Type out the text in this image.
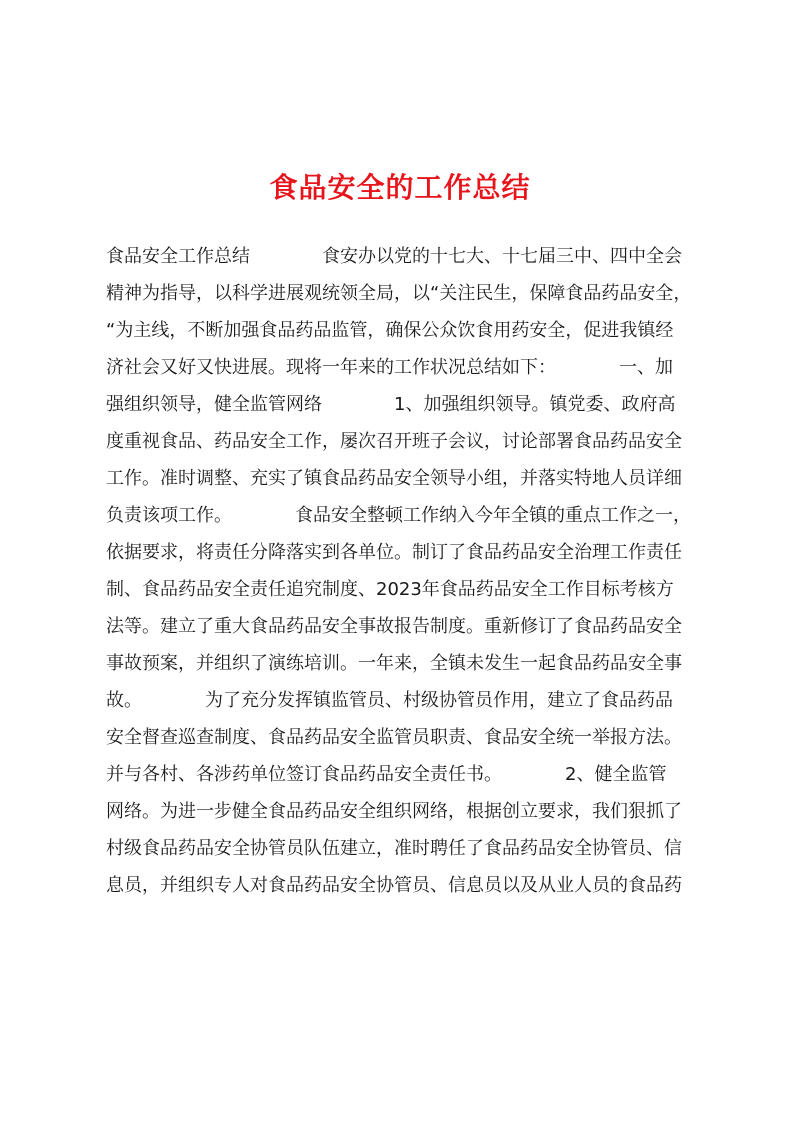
食品安全的工作总结

食品安全工作总结　　　　食安办以党的十七大、十七届三中、四中全会

精神为指导，以科学进展观统领全局，以“关注民生，保障食品药品安全，

“为主线，不断加强食品药品监管，确保公众饮食用药安全，促进我镇经

济社会又好又快进展。现将一年来的工作状况总结如下：　　　　一、加

强组织领导，健全监管网络　　　　1、加强组织领导。镇党委、政府高

度重视食品、药品安全工作，屡次召开班子会议，讨论部署食品药品安全

工作。准时调整、充实了镇食品药品安全领导小组，并落实特地人员详细

负责该项工作。　　　　食品安全整顿工作纳入今年全镇的重点工作之一，

依据要求，将责任分降落实到各单位。制订了食品药品安全治理工作责任

制、食品药品安全责任追究制度、2023年食品药品安全工作目标考核方

法等。建立了重大食品药品安全事故报告制度。重新修订了食品药品安全

事故预案，并组织了演练培训。一年来，全镇未发生一起食品药品安全事

故。　　　　为了充分发挥镇监管员、村级协管员作用，建立了食品药品

安全督查巡查制度、食品药品安全监管员职责、食品安全统一举报方法。

并与各村、各涉药单位签订食品药品安全责任书。　　　　2、健全监管

网络。为进一步健全食品药品安全组织网络，根据创立要求，我们狠抓了

村级食品药品安全协管员队伍建立，准时聘任了食品药品安全协管员、信

息员，并组织专人对食品药品安全协管员、信息员以及从业人员的食品药
